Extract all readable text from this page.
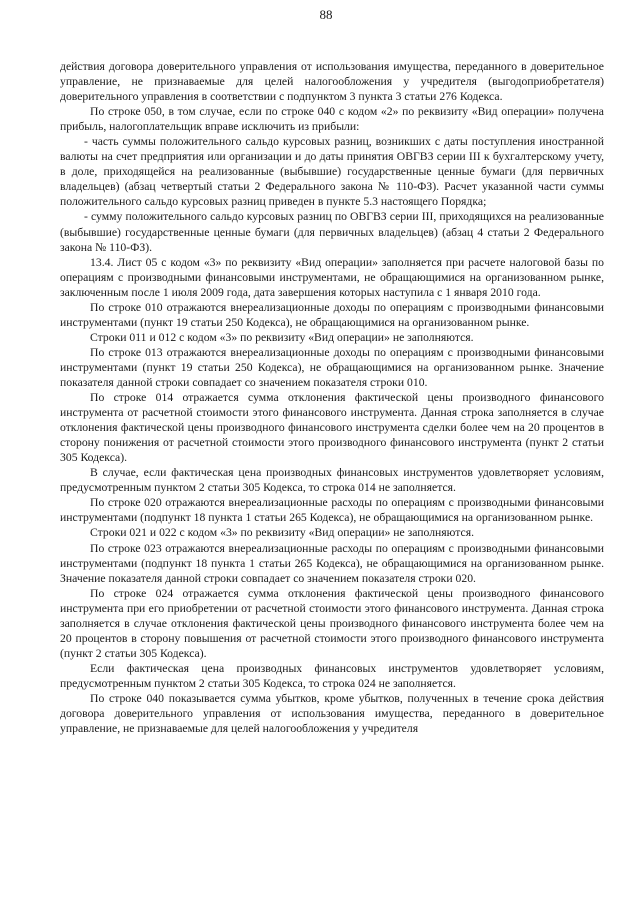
88

действия договора доверительного управления от использования имущества, переданного в доверительное управление, не признаваемые для целей налогообложения у учредителя (выгодоприобретателя) доверительного управления в соответствии с подпунктом 3 пункта 3 статьи 276 Кодекса.

По строке 050, в том случае, если по строке 040 с кодом «2» по реквизиту «Вид операции» получена прибыль, налогоплательщик вправе исключить из прибыли:

- часть суммы положительного сальдо курсовых разниц, возникших с даты поступления иностранной валюты на счет предприятия или организации и до даты принятия ОВГВЗ серии III к бухгалтерскому учету, в доле, приходящейся на реализованные (выбывшие) государственные ценные бумаги (для первичных владельцев) (абзац четвертый статьи 2 Федерального закона № 110-ФЗ). Расчет указанной части суммы положительного сальдо курсовых разниц приведен в пункте 5.3 настоящего Порядка;

- сумму положительного сальдо курсовых разниц по ОВГВЗ серии III, приходящихся на реализованные (выбывшие) государственные ценные бумаги (для первичных владельцев) (абзац 4 статьи 2 Федерального закона № 110-ФЗ).

13.4. Лист 05 с кодом «3» по реквизиту «Вид операции» заполняется при расчете налоговой базы по операциям с производными финансовыми инструментами, не обращающимися на организованном рынке, заключенным после 1 июля 2009 года, дата завершения которых наступила с 1 января 2010 года.

По строке 010 отражаются внереализационные доходы по операциям с производными финансовыми инструментами (пункт 19 статьи 250 Кодекса), не обращающимися на организованном рынке.

Строки 011 и 012 с кодом «3» по реквизиту «Вид операции» не заполняются.

По строке 013 отражаются внереализационные доходы по операциям с производными финансовыми инструментами (пункт 19 статьи 250 Кодекса), не обращающимися на организованном рынке. Значение показателя данной строки совпадает со значением показателя строки 010.

По строке 014 отражается сумма отклонения фактической цены производного финансового инструмента от расчетной стоимости этого финансового инструмента. Данная строка заполняется в случае отклонения фактической цены производного финансового инструмента сделки более чем на 20 процентов в сторону понижения от расчетной стоимости этого производного финансового инструмента (пункт 2 статьи 305 Кодекса).

В случае, если фактическая цена производных финансовых инструментов удовлетворяет условиям, предусмотренным пунктом 2 статьи 305 Кодекса, то строка 014 не заполняется.

По строке 020 отражаются внереализационные расходы по операциям с производными финансовыми инструментами (подпункт 18 пункта 1 статьи 265 Кодекса), не обращающимися на организованном рынке.

Строки 021 и 022 с кодом «3» по реквизиту «Вид операции» не заполняются.

По строке 023 отражаются внереализационные расходы по операциям с производными финансовыми инструментами (подпункт 18 пункта 1 статьи 265 Кодекса), не обращающимися на организованном рынке. Значение показателя данной строки совпадает со значением показателя строки 020.

По строке 024 отражается сумма отклонения фактической цены производного финансового инструмента при его приобретении от расчетной стоимости этого финансового инструмента. Данная строка заполняется в случае отклонения фактической цены производного финансового инструмента более чем на 20 процентов в сторону повышения от расчетной стоимости этого производного финансового инструмента (пункт 2 статьи 305 Кодекса).

Если фактическая цена производных финансовых инструментов удовлетворяет условиям, предусмотренным пунктом 2 статьи 305 Кодекса, то строка 024 не заполняется.

По строке 040 показывается сумма убытков, кроме убытков, полученных в течение срока действия договора доверительного управления от использования имущества, переданного в доверительное управление, не признаваемые для целей налогообложения у учредителя
